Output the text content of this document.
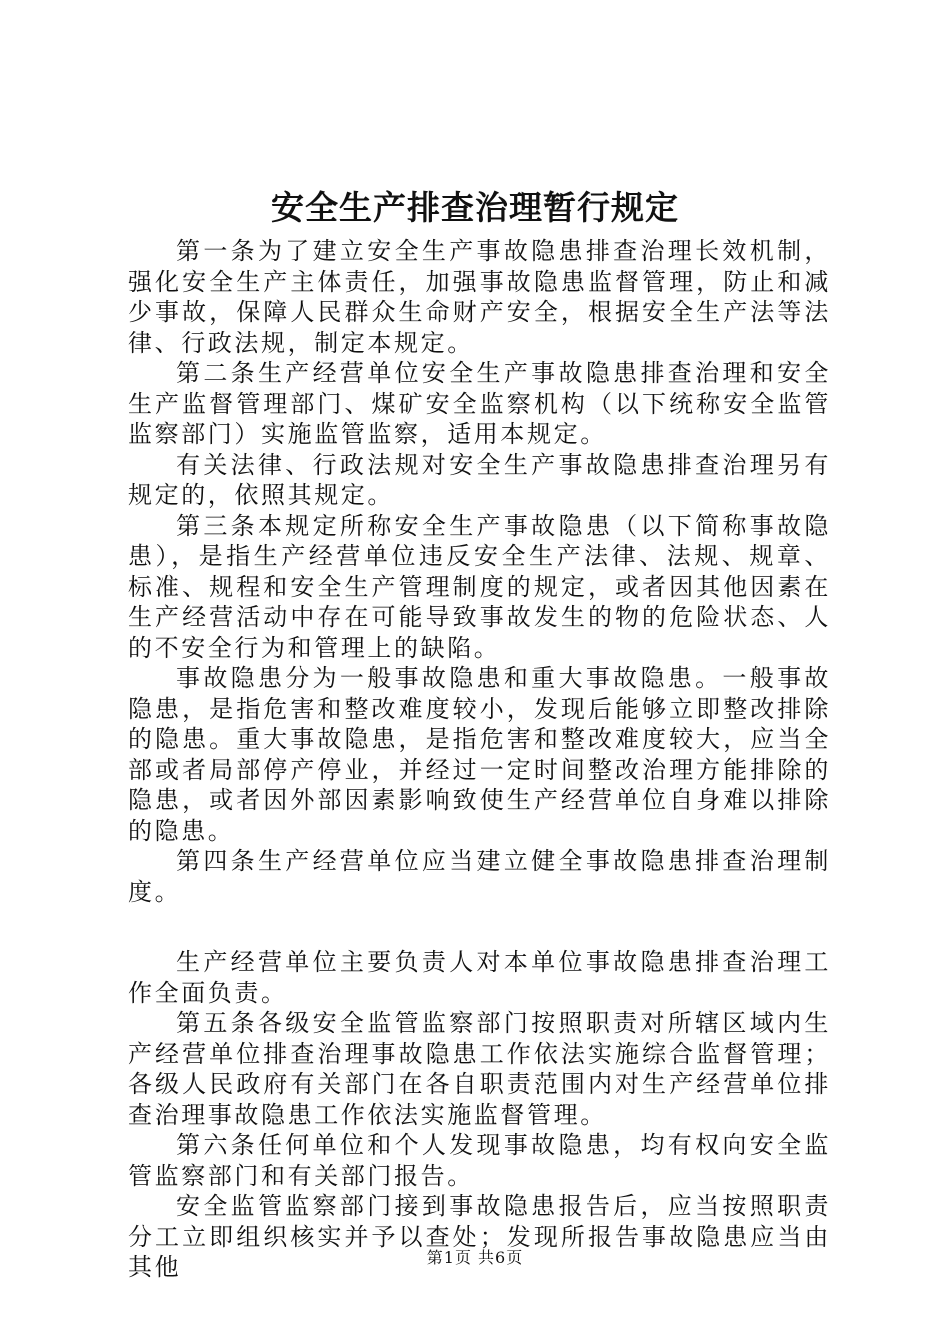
安全生产排查治理暂行规定

第一条为了建立安全生产事故隐患排查治理长效机制，强化安全生产主体责任，加强事故隐患监督管理，防止和减少事故，保障人民群众生命财产安全，根据安全生产法等法律、行政法规，制定本规定。

第二条生产经营单位安全生产事故隐患排查治理和安全生产监督管理部门、煤矿安全监察机构（以下统称安全监管监察部门）实施监管监察，适用本规定。

有关法律、行政法规对安全生产事故隐患排查治理另有规定的，依照其规定。

第三条本规定所称安全生产事故隐患（以下简称事故隐患），是指生产经营单位违反安全生产法律、法规、规章、标准、规程和安全生产管理制度的规定，或者因其他因素在生产经营活动中存在可能导致事故发生的物的危险状态、人的不安全行为和管理上的缺陷。

事故隐患分为一般事故隐患和重大事故隐患。一般事故隐患，是指危害和整改难度较小，发现后能够立即整改排除的隐患。重大事故隐患，是指危害和整改难度较大，应当全部或者局部停产停业，并经过一定时间整改治理方能排除的隐患，或者因外部因素影响致使生产经营单位自身难以排除的隐患。

第四条生产经营单位应当建立健全事故隐患排查治理制度。

生产经营单位主要负责人对本单位事故隐患排查治理工作全面负责。

第五条各级安全监管监察部门按照职责对所辖区域内生产经营单位排查治理事故隐患工作依法实施综合监督管理；各级人民政府有关部门在各自职责范围内对生产经营单位排查治理事故隐患工作依法实施监督管理。

第六条任何单位和个人发现事故隐患，均有权向安全监管监察部门和有关部门报告。

安全监管监察部门接到事故隐患报告后，应当按照职责分工立即组织核实并予以查处；发现所报告事故隐患应当由其他	第1页 共6页
